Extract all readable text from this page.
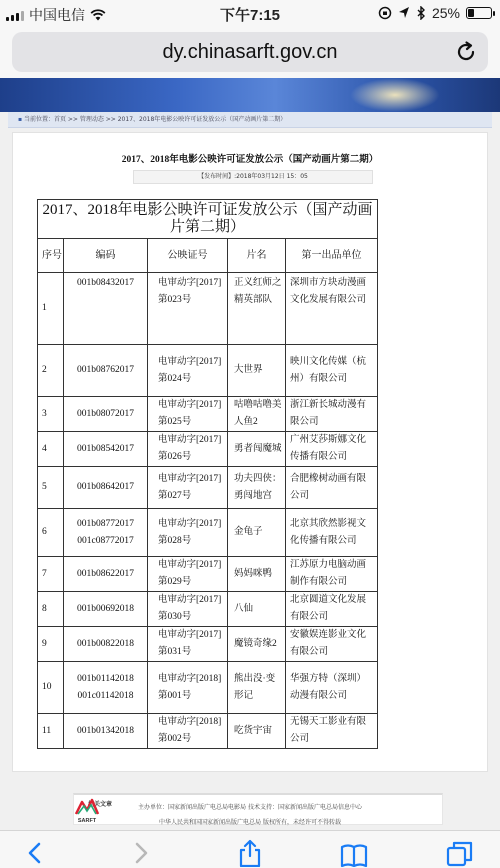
中国电信	下午7:15	25%
dy.chinasarft.gov.cn
▪ 当前位置：首页 >> 管理动态 >> 2017、2018年电影公映许可证发放公示（国产动画片第二期）
2017、2018年电影公映许可证发放公示（国产动画片第二期）
【发布时间】:2018年03月12日 15：05
2017、2018年电影公映许可证发放公示（国产动画片第二期）				
序号	编码	公映证号	片名	第一出品单位
1	001b08432017	电审动字[2017]第023号	正义红师之精英部队	深圳市方块动漫画文化发展有限公司
2	001b08762017	电审动字[2017]第024号	大世界	映川文化传媒（杭州）有限公司
3	001b08072017	电审动字[2017]第025号	咕噜咕噜美人鱼2	浙江新长城动漫有限公司
4	001b08542017	电审动字[2017]第026号	勇者闯魔城	广州艾莎斯娜文化传播有限公司
5	001b08642017	电审动字[2017]第027号	功夫四侠：勇闯地宫	合肥橡树动画有限公司
6	001b08772017
001c08772017	电审动字[2017]第028号	金龟子	北京其欣然影视文化传播有限公司
7	001b08622017	电审动字[2017]第029号	妈妈咪鸭	江苏原力电脑动画制作有限公司
8	001b00692018	电审动字[2017]第030号	八仙	北京圆道文化发展有限公司
9	001b00822018	电审动字[2017]第031号	魔镜奇缘2	安徽娱连影业文化有限公司
10	001b01142018
001c01142018	电审动字[2018]第001号	熊出没·变形记	华强方特（深圳）动漫有限公司
11	001b01342018	电审动字[2018]第002号	吃货宇宙	无锡天工影业有限公司
相关文章
SARFT
主办单位：国家新闻出版广电总局电影局 技术支持：国家新闻出版广电总局信息中心
中华人民共和国国家新闻出版广电总局 版权所有，未经许可不得转载
